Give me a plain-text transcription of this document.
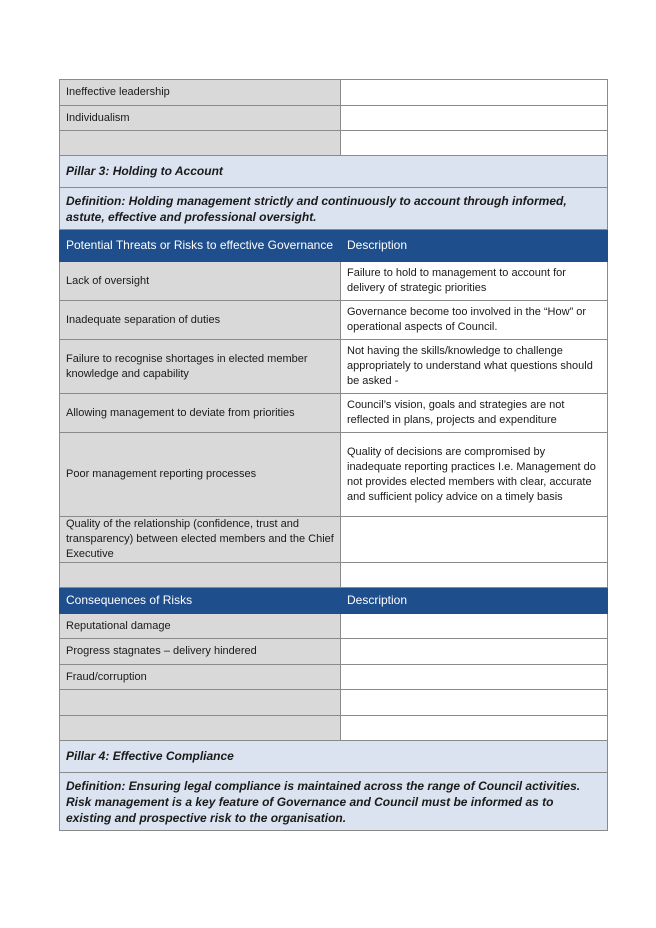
Ineffective leadership	
Individualism	

Pillar 3: Holding to Account	
Definition: Holding management strictly and continuously to account through informed, astute, effective and professional oversight.	
Potential Threats or Risks to effective Governance	Description
Lack of oversight	Failure to hold to management to account for delivery of strategic priorities
Inadequate separation of duties	Governance become too involved in the “How” or operational aspects of Council.
Failure to recognise shortages in elected member knowledge and capability	Not having the skills/knowledge to challenge appropriately to understand what questions should be asked -
Allowing management to deviate from priorities	Council’s vision, goals and strategies are not reflected in plans, projects and expenditure
Poor management reporting processes	Quality of decisions are compromised by inadequate reporting practices I.e. Management do not provides elected members with clear, accurate and sufficient policy advice on a timely basis
Quality of the relationship (confidence, trust and transparency) between elected members and the Chief Executive	

Consequences of Risks	Description
Reputational damage	
Progress stagnates – delivery hindered	
Fraud/corruption	

Pillar 4: Effective Compliance	
Definition: Ensuring legal compliance is maintained across the range of Council activities. Risk management is a key feature of Governance and Council must be informed as to existing and prospective risk to the organisation.	
